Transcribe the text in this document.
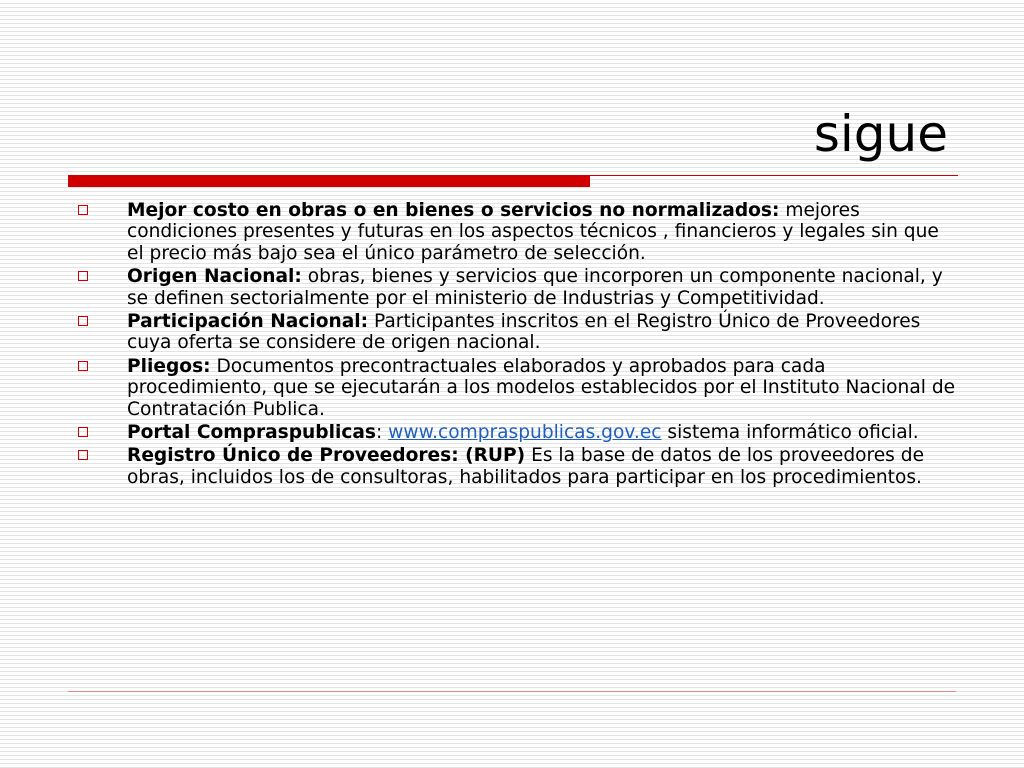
sigue
Mejor costo en obras o en bienes o servicios no normalizados: mejores condiciones presentes y futuras en los aspectos técnicos , financieros y legales sin que el precio más bajo sea el único parámetro de selección.
Origen Nacional: obras, bienes y servicios que incorporen un componente nacional, y se definen sectorialmente por el ministerio de Industrias y Competitividad.
Participación Nacional: Participantes inscritos en el Registro Único de Proveedores cuya oferta se considere de origen nacional.
Pliegos: Documentos precontractuales elaborados y aprobados para cada procedimiento, que se ejecutarán a los modelos establecidos por el Instituto Nacional de Contratación Publica.
Portal Compraspublicas: www.compraspublicas.gov.ec sistema informático oficial.
Registro Único de Proveedores: (RUP) Es la base de datos de los proveedores de obras, incluidos los de consultoras, habilitados para participar en los procedimientos.
